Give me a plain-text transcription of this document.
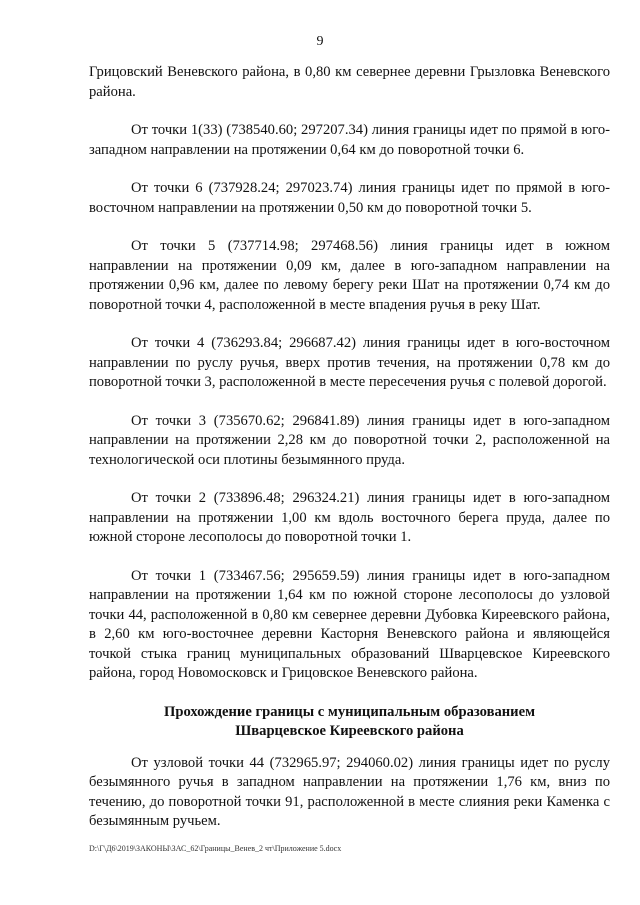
9

Грицовский Веневского района, в 0,80 км севернее деревни Грызловка Веневского района.

От точки 1(33) (738540.60; 297207.34) линия границы идет по прямой в юго-западном направлении на протяжении 0,64 км до поворотной точки 6.

От точки 6 (737928.24; 297023.74) линия границы идет по прямой в юго-восточном направлении на протяжении 0,50 км до поворотной точки 5.

От точки 5 (737714.98; 297468.56) линия границы идет в южном направлении на протяжении 0,09 км, далее в юго-западном направлении на протяжении 0,96 км, далее по левому берегу реки Шат на протяжении 0,74 км до поворотной точки 4, расположенной в месте впадения ручья в реку Шат.

От точки 4 (736293.84; 296687.42) линия границы идет в юго-восточном направлении по руслу ручья, вверх против течения, на протяжении 0,78 км до поворотной точки 3, расположенной в месте пересечения ручья с полевой дорогой.

От точки 3 (735670.62; 296841.89) линия границы идет в юго-западном направлении на протяжении 2,28 км до поворотной точки 2, расположенной на технологической оси плотины безымянного пруда.

От точки 2 (733896.48; 296324.21) линия границы идет в юго-западном направлении на протяжении 1,00 км вдоль восточного берега пруда, далее по южной стороне лесополосы до поворотной точки 1.

От точки 1 (733467.56; 295659.59) линия границы идет в юго-западном направлении на протяжении 1,64 км по южной стороне лесополосы до узловой точки 44, расположенной в 0,80 км севернее деревни Дубовка Киреевского района, в 2,60 км юго-восточнее деревни Касторня Веневского района и являющейся точкой стыка границ муниципальных образований Шварцевское Киреевского района, город Новомосковск и Грицовское Веневского района.

Прохождение границы с муниципальным образованием

Шварцевское Киреевского района

От узловой точки 44 (732965.97; 294060.02) линия границы идет по руслу безымянного ручья в западном направлении на протяжении 1,76 км, вниз по течению, до поворотной точки 91, расположенной в месте слияния реки Каменка с безымянным ручьем.

D:\Г\Д6\2019\ЗАКОНЫ\ЗАС_62\Границы_Венев_2 чт\Приложение 5.docx
